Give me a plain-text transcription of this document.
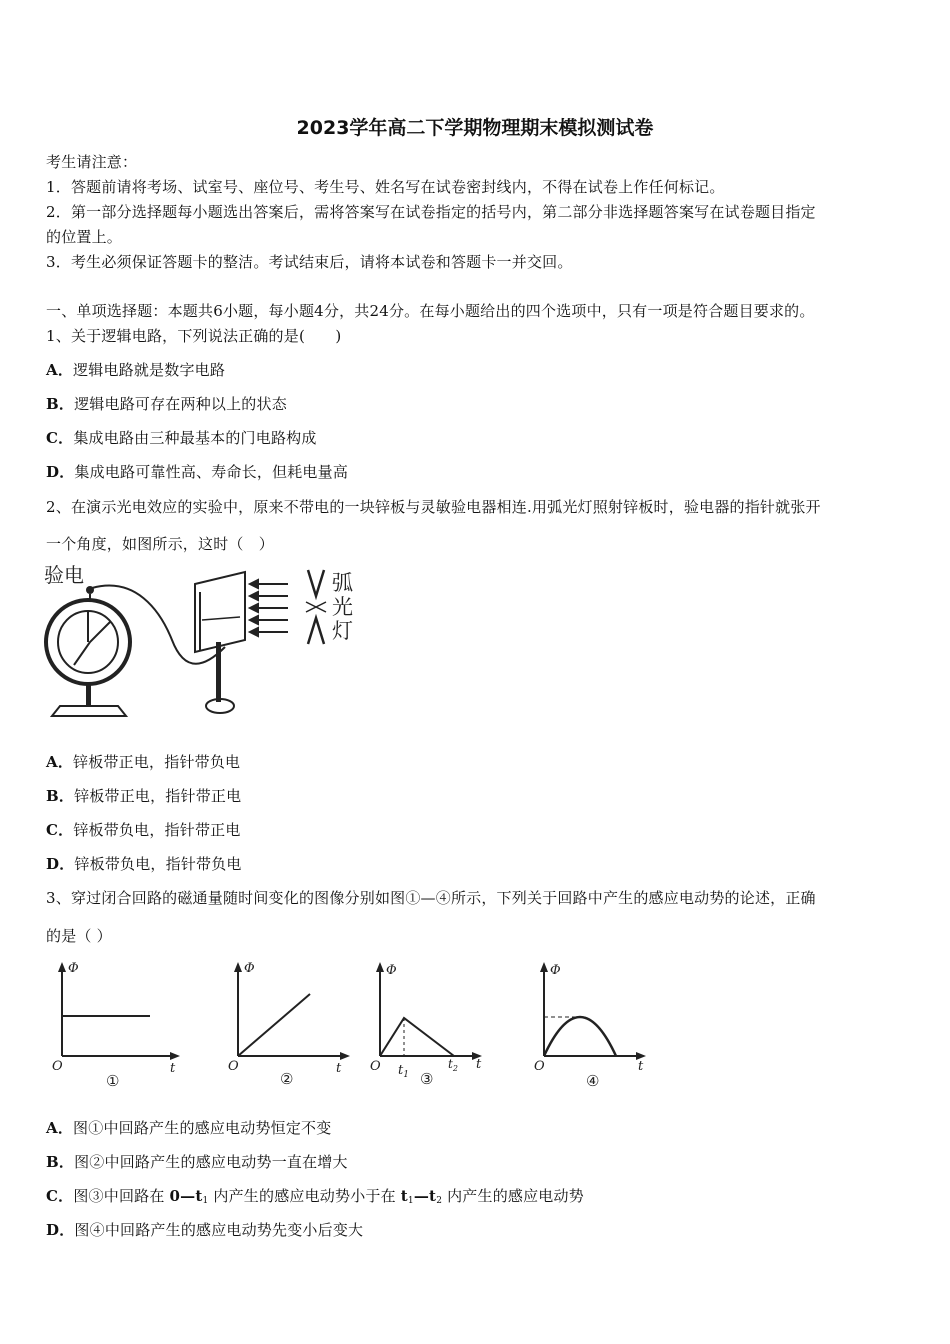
2023学年高二下学期物理期末模拟测试卷
考生请注意：
1．答题前请将考场、试室号、座位号、考生号、姓名写在试卷密封线内，不得在试卷上作任何标记。
2．第一部分选择题每小题选出答案后，需将答案写在试卷指定的括号内，第二部分非选择题答案写在试卷题目指定
的位置上。
3．考生必须保证答题卡的整洁。考试结束后，请将本试卷和答题卡一并交回。
一、单项选择题：本题共6小题，每小题4分，共24分。在每小题给出的四个选项中，只有一项是符合题目要求的。
1、关于逻辑电路，下列说法正确的是(　　)
A．逻辑电路就是数字电路
B．逻辑电路可存在两种以上的状态
C．集成电路由三种最基本的门电路构成
D．集成电路可靠性高、寿命长，但耗电量高
2、在演示光电效应的实验中，原来不带电的一块锌板与灵敏验电器相连.用弧光灯照射锌板时，验电器的指针就张开
一个角度，如图所示，这时（　）
验电	弧
光
灯
A．锌板带正电，指针带负电
B．锌板带正电，指针带正电
C．锌板带负电，指针带正电
D．锌板带负电，指针带负电
3、穿过闭合回路的磁通量随时间变化的图像分别如图①—④所示，下列关于回路中产生的感应电动势的论述，正确
的是（ ）
Φ
O	t
①
Φ
O	t
②
Φ
O	t
$t_1$
$t_2$
③
Φ
O	t
④
A．图①中回路产生的感应电动势恒定不变
B．图②中回路产生的感应电动势一直在增大
C．图③中回路在 $0—t_1$ 内产生的感应电动势小于在 $t_1—t_2$ 内产生的感应电动势
D．图④中回路产生的感应电动势先变小后变大
